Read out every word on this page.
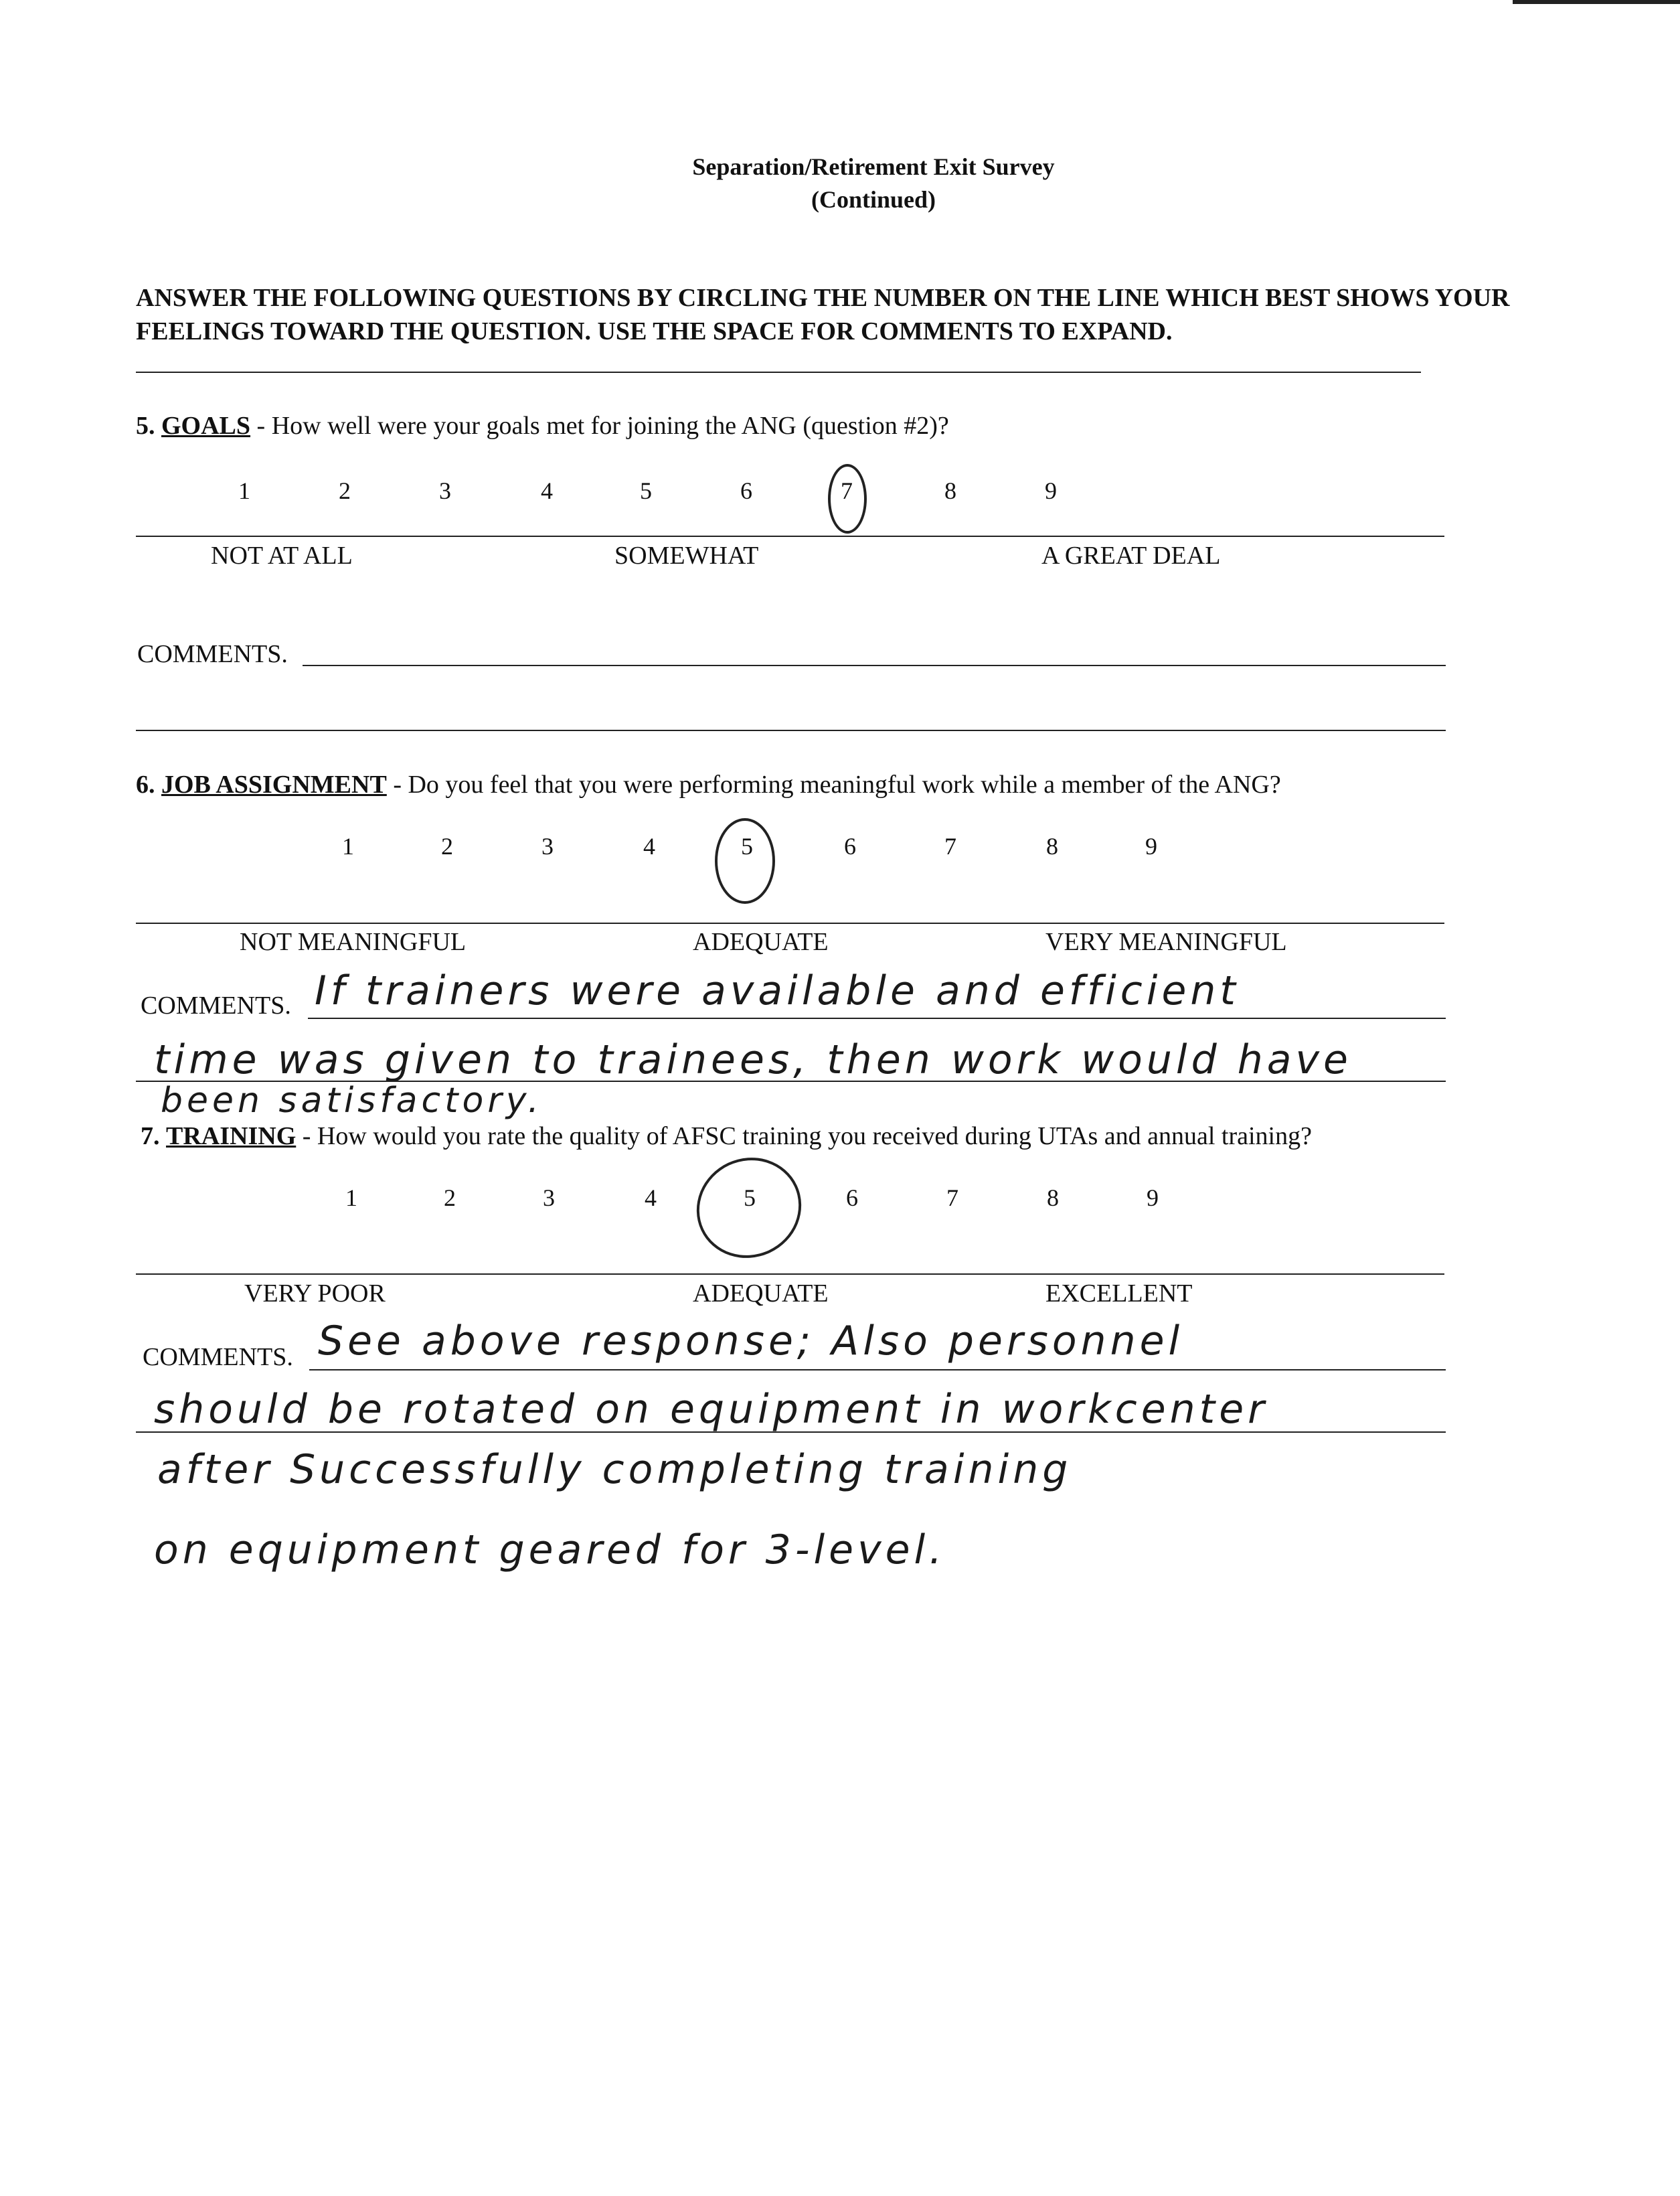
Separation/Retirement Exit Survey
(Continued)
ANSWER THE FOLLOWING QUESTIONS BY CIRCLING THE NUMBER ON THE LINE WHICH BEST SHOWS YOUR FEELINGS TOWARD THE QUESTION. USE THE SPACE FOR COMMENTS TO EXPAND.
5. GOALS - How well were your goals met for joining the ANG (question #2)?
1	2	3	4	5	6	7	8	9
NOT AT ALL	SOMEWHAT	A GREAT DEAL
COMMENTS.
6. JOB ASSIGNMENT - Do you feel that you were performing meaningful work while a member of the ANG?
1	2	3	4	5	6	7	8	9
NOT MEANINGFUL	ADEQUATE	VERY MEANINGFUL
COMMENTS. If trainers were available and efficient
time was given to trainees, then work would have
been satisfactory.
7. TRAINING - How would you rate the quality of AFSC training you received during UTAs and annual training?
1	2	3	4	5	6	7	8	9
VERY POOR	ADEQUATE	EXCELLENT
COMMENTS. See above response; Also personnel
should be rotated on equipment in workcenter
after Successfully completing training
on equipment geared for 3-level.
